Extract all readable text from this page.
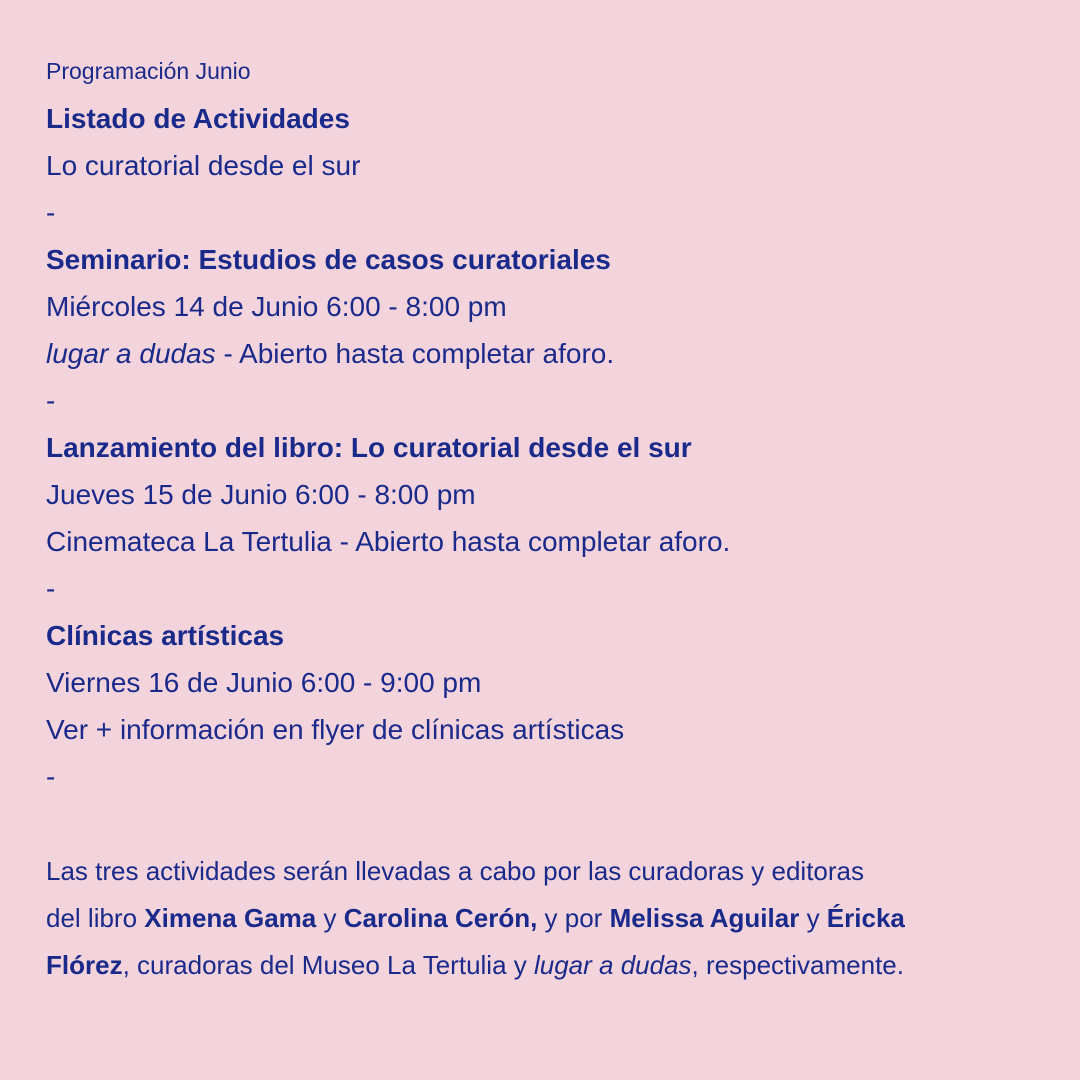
Programación Junio
Listado de Actividades
Lo curatorial desde el sur
-
Seminario: Estudios de casos curatoriales
Miércoles 14 de Junio 6:00 - 8:00 pm
lugar a dudas - Abierto hasta completar aforo.
-
Lanzamiento del libro: Lo curatorial desde el sur
Jueves 15 de Junio 6:00 - 8:00 pm
Cinemateca La Tertulia - Abierto hasta completar aforo.
-
Clínicas artísticas
Viernes 16 de Junio 6:00 - 9:00 pm
Ver + información en flyer de clínicas artísticas
-
Las tres actividades serán llevadas a cabo por las curadoras y editoras
del libro Ximena Gama y Carolina Cerón, y por Melissa Aguilar y Éricka
Flórez, curadoras del Museo La Tertulia y lugar a dudas, respectivamente.
